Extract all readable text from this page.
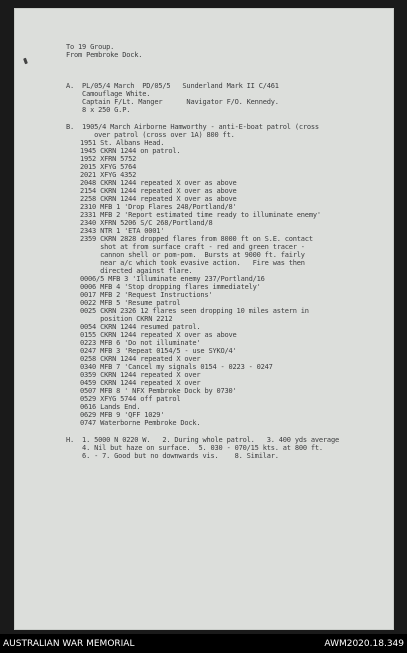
To 19 Group.
From Pembroke Dock.
A.  PL/05/4 March  PD/05/5   Sunderland Mark II C/461
Camouflage White.
Captain F/Lt. Manger      Navigator F/O. Kennedy.
8 x 250 G.P.
B.  1905/4 March Airborne Hamworthy - anti-E-boat patrol (cross
over patrol (cross over 1A) 800 ft.
1951 St. Albans Head.
1945 CKRN 1244 on patrol.
1952 XFRN 5752
2015 XFYG 5764
2021 XFYG 4352
2048 CKRN 1244 repeated X over as above
2154 CKRN 1244 repeated X over as above
2258 CKRN 1244 repeated X over as above
2310 MFB 1 'Drop Flares 248/Portland/8'
2331 MFB 2 'Report estimated time ready to illuminate enemy'
2340 XFRN 5206 S/C 268/Portland/8
2343 NTR 1 'ETA 0001'
2359 CKRN 2828 dropped flares from 8000 ft on S.E. contact
shot at from surface craft - red and green tracer -
cannon shell or pom-pom.  Bursts at 9000 ft. fairly
near a/c which took evasive action.   Fire was then
directed against flare.
0006/5 MFB 3 'Illuminate enemy 237/Portland/16
0006 MFB 4 'Stop dropping flares immediately'
0017 MFB 2 'Request Instructions'
0022 MFB 5 'Resume patrol
0025 CKRN 2326 12 flares seen dropping 10 miles astern in
position CKRN 2212
0054 CKRN 1244 resumed patrol.
0155 CKRN 1244 repeated X over as above
0223 MFB 6 'Do not illuminate'
0247 MFB 3 'Repeat 0154/5 - use SYKO/4'
0258 CKRN 1244 repeated X over
0340 MFB 7 'Cancel my signals 0154 - 0223 - 0247
0359 CKRN 1244 repeated X over
0459 CKRN 1244 repeated X over
0507 MFB 8 ' NFX Pembroke Dock by 0730'
0529 XFYG 5744 off patrol
0616 Lands End.
0629 MFB 9 'QFF 1029'
0747 Waterborne Pembroke Dock.
H.  1. 5000 N 0220 W.   2. During whole patrol.   3. 400 yds average
4. Nil but haze on surface.  5. 030 - 070/15 kts. at 800 ft.
6. - 7. Good but no downwards vis.    8. Similar.
AUSTRALIAN WAR MEMORIAL	AWM2020.18.349
